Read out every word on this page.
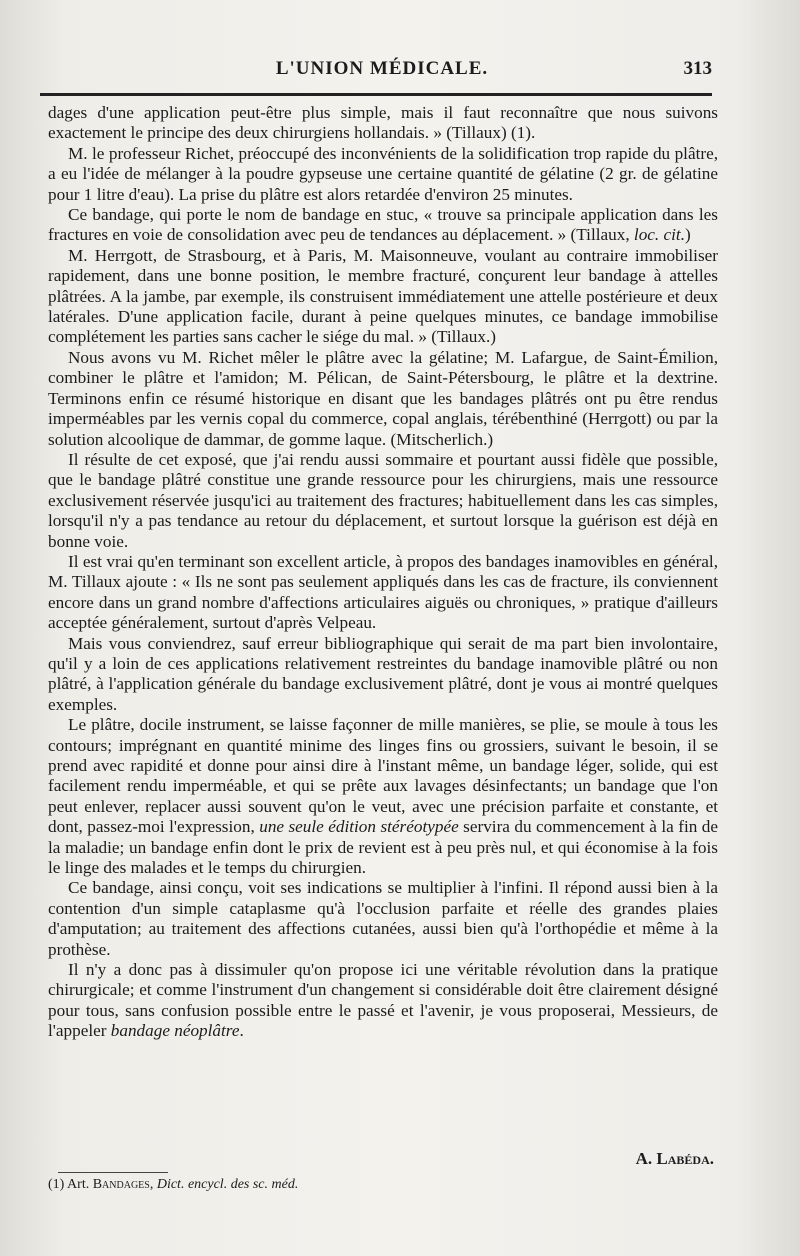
L'UNION MÉDICALE.	313

dages d'une application peut-être plus simple, mais il faut reconnaître que nous suivons exactement le principe des deux chirurgiens hollandais. » (Tillaux) (1).

M. le professeur Richet, préoccupé des inconvénients de la solidification trop rapide du plâtre, a eu l'idée de mélanger à la poudre gypseuse une certaine quantité de gélatine (2 gr. de gélatine pour 1 litre d'eau). La prise du plâtre est alors retardée d'environ 25 minutes.

Ce bandage, qui porte le nom de bandage en stuc, « trouve sa principale application dans les fractures en voie de consolidation avec peu de tendances au déplacement. » (Tillaux, loc. cit.)

M. Herrgott, de Strasbourg, et à Paris, M. Maisonneuve, voulant au contraire immobiliser rapidement, dans une bonne position, le membre fracturé, conçurent leur bandage à attelles plâtrées. A la jambe, par exemple, ils construisent immédiatement une attelle postérieure et deux latérales. D'une application facile, durant à peine quelques minutes, ce bandage immobilise complétement les parties sans cacher le siége du mal. » (Tillaux.)

Nous avons vu M. Richet mêler le plâtre avec la gélatine; M. Lafargue, de Saint-Émilion, combiner le plâtre et l'amidon; M. Pélican, de Saint-Pétersbourg, le plâtre et la dextrine. Terminons enfin ce résumé historique en disant que les bandages plâtrés ont pu être rendus imperméables par les vernis copal du commerce, copal anglais, térébenthiné (Herrgott) ou par la solution alcoolique de dammar, de gomme laque. (Mitscherlich.)

Il résulte de cet exposé, que j'ai rendu aussi sommaire et pourtant aussi fidèle que possible, que le bandage plâtré constitue une grande ressource pour les chirurgiens, mais une ressource exclusivement réservée jusqu'ici au traitement des fractures; habituellement dans les cas simples, lorsqu'il n'y a pas tendance au retour du déplacement, et surtout lorsque la guérison est déjà en bonne voie.

Il est vrai qu'en terminant son excellent article, à propos des bandages inamovibles en général, M. Tillaux ajoute : « Ils ne sont pas seulement appliqués dans les cas de fracture, ils conviennent encore dans un grand nombre d'affections articulaires aiguës ou chroniques, » pratique d'ailleurs acceptée généralement, surtout d'après Velpeau.

Mais vous conviendrez, sauf erreur bibliographique qui serait de ma part bien involontaire, qu'il y a loin de ces applications relativement restreintes du bandage inamovible plâtré ou non plâtré, à l'application générale du bandage exclusivement plâtré, dont je vous ai montré quelques exemples.

Le plâtre, docile instrument, se laisse façonner de mille manières, se plie, se moule à tous les contours; imprégnant en quantité minime des linges fins ou grossiers, suivant le besoin, il se prend avec rapidité et donne pour ainsi dire à l'instant même, un bandage léger, solide, qui est facilement rendu imperméable, et qui se prête aux lavages désinfectants; un bandage que l'on peut enlever, replacer aussi souvent qu'on le veut, avec une précision parfaite et constante, et dont, passez-moi l'expression, une seule édition stéréotypée servira du commencement à la fin de la maladie; un bandage enfin dont le prix de revient est à peu près nul, et qui économise à la fois le linge des malades et le temps du chirurgien.

Ce bandage, ainsi conçu, voit ses indications se multiplier à l'infini. Il répond aussi bien à la contention d'un simple cataplasme qu'à l'occlusion parfaite et réelle des grandes plaies d'amputation; au traitement des affections cutanées, aussi bien qu'à l'orthopédie et même à la prothèse.

Il n'y a donc pas à dissimuler qu'on propose ici une véritable révolution dans la pratique chirurgicale; et comme l'instrument d'un changement si considérable doit être clairement désigné pour tous, sans confusion possible entre le passé et l'avenir, je vous proposerai, Messieurs, de l'appeler bandage néoplâtre.

A. Labéda.
(1) Art. Bandages, Dict. encycl. des sc. méd.
